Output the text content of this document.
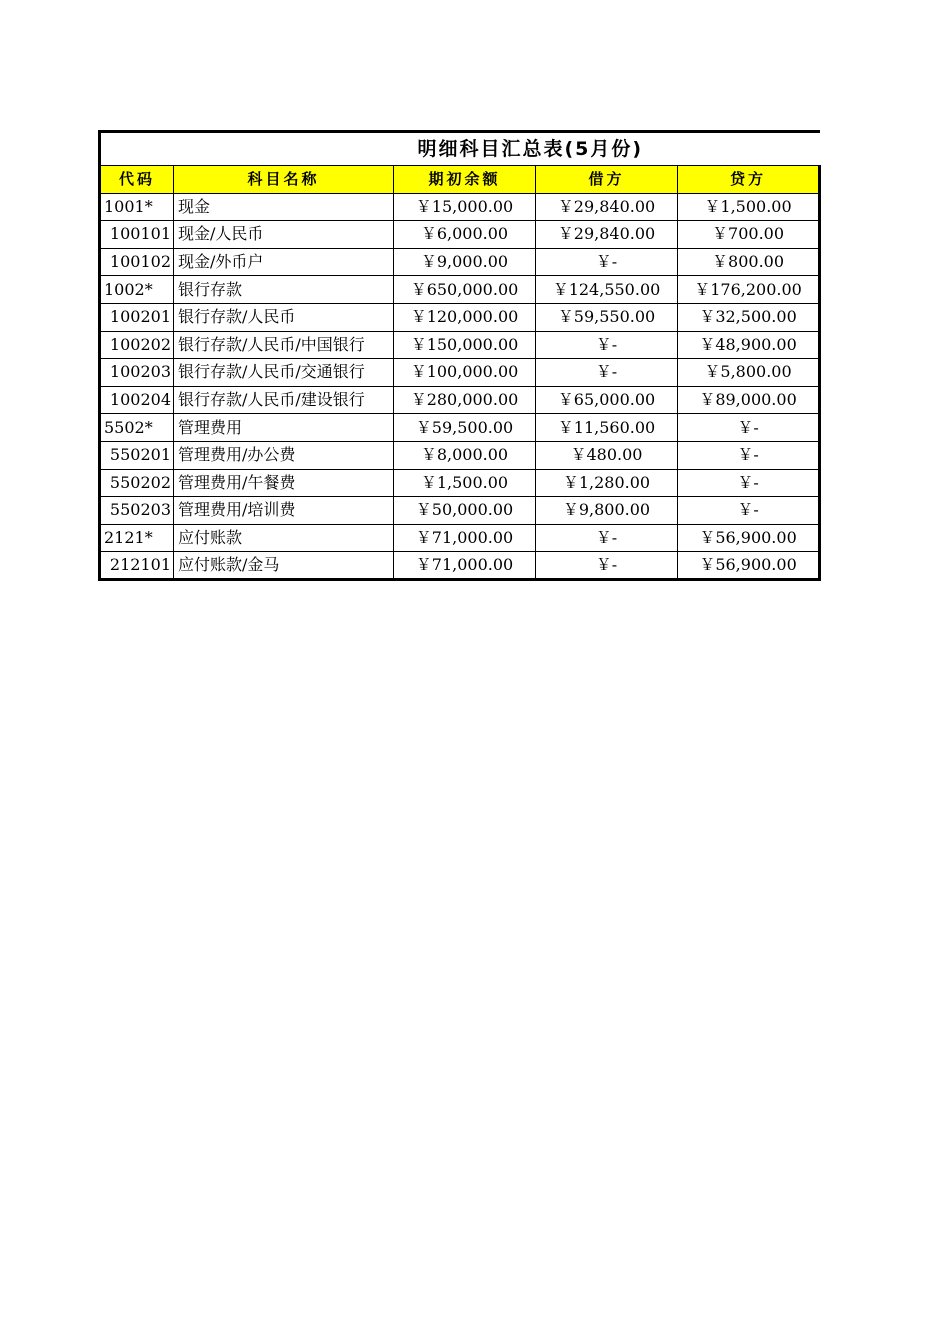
明细科目汇总表(5月份)				
代码	科目名称	期初余额	借方	贷方
1001*	现金	￥15,000.00	￥29,840.00	￥1,500.00
100101	现金/人民币	￥6,000.00	￥29,840.00	￥700.00
100102	现金/外币户	￥9,000.00	￥-	￥800.00
1002*	银行存款	￥650,000.00	￥124,550.00	￥176,200.00
100201	银行存款/人民币	￥120,000.00	￥59,550.00	￥32,500.00
100202	银行存款/人民币/中国银行	￥150,000.00	￥-	￥48,900.00
100203	银行存款/人民币/交通银行	￥100,000.00	￥-	￥5,800.00
100204	银行存款/人民币/建设银行	￥280,000.00	￥65,000.00	￥89,000.00
5502*	管理费用	￥59,500.00	￥11,560.00	￥-
550201	管理费用/办公费	￥8,000.00	￥480.00	￥-
550202	管理费用/午餐费	￥1,500.00	￥1,280.00	￥-
550203	管理费用/培训费	￥50,000.00	￥9,800.00	￥-
2121*	应付账款	￥71,000.00	￥-	￥56,900.00
212101	应付账款/金马	￥71,000.00	￥-	￥56,900.00
